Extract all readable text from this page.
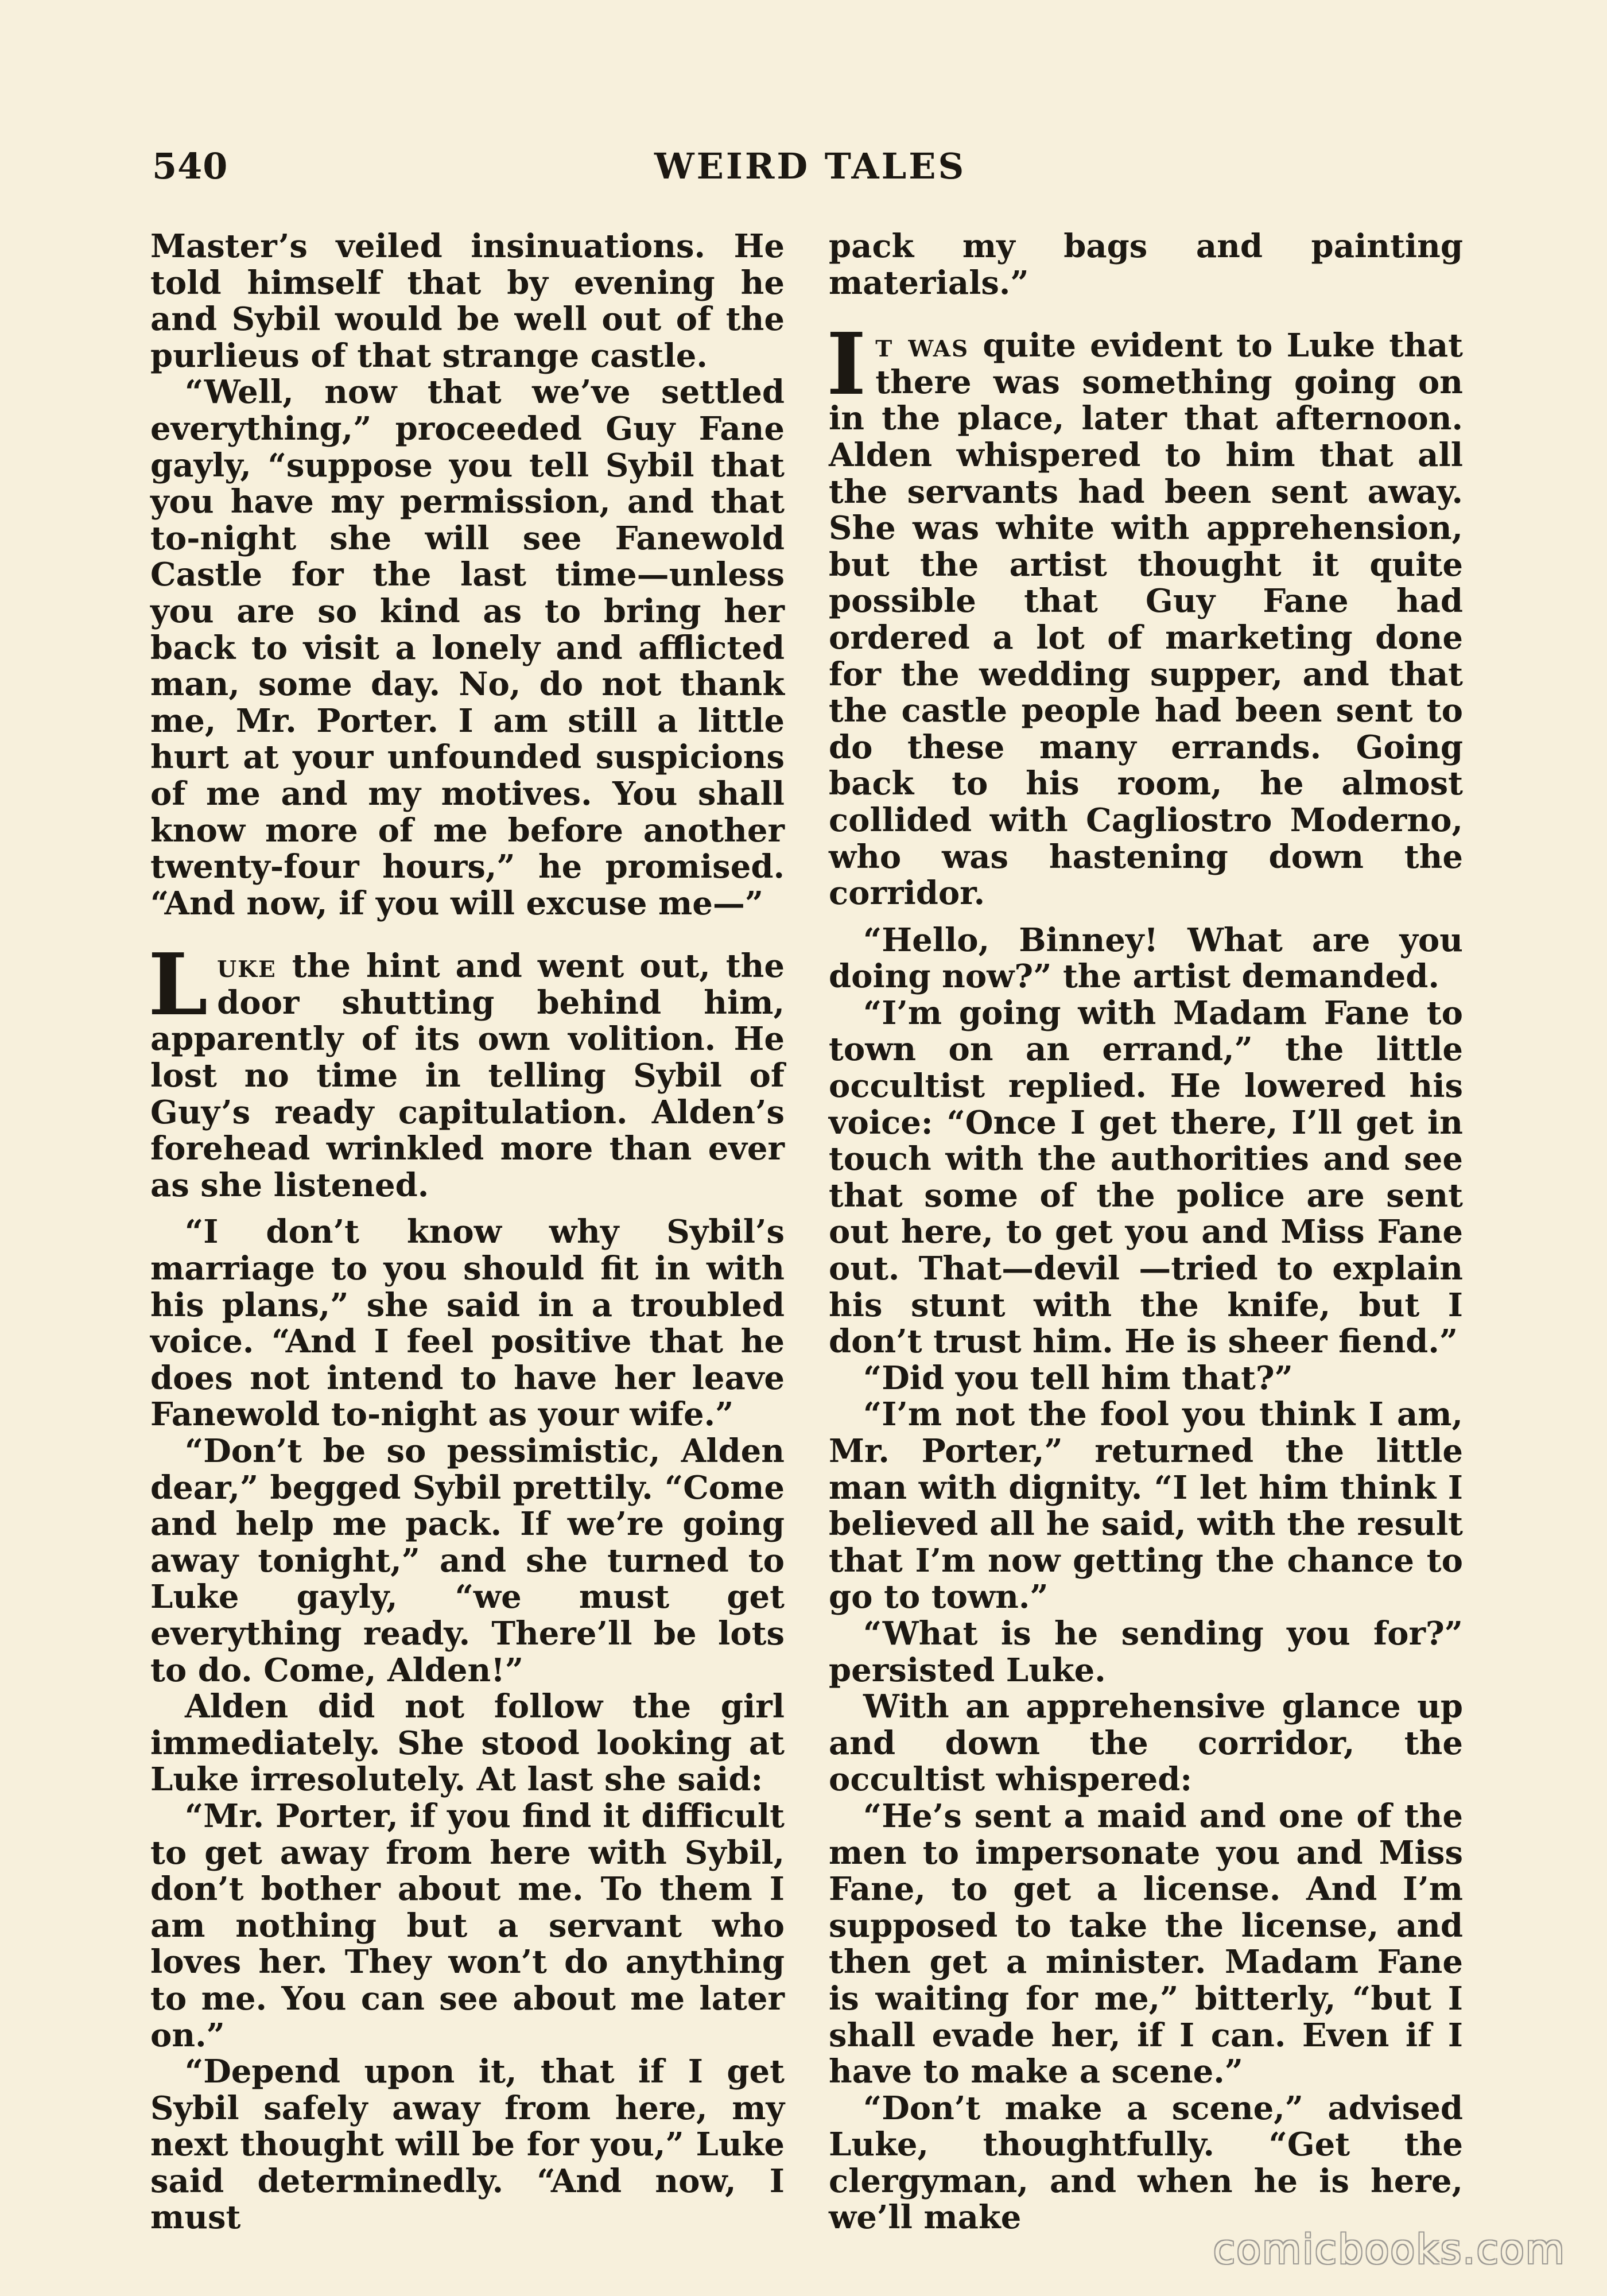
540	WEIRD TALES

Master’s veiled insinuations. He told himself that by evening he and Sybil would be well out of the purlieus of that strange castle.

“Well, now that we’ve settled everything,” proceeded Guy Fane gayly, “suppose you tell Sybil that you have my permission, and that to-night she will see Fanewold Castle for the last time—unless you are so kind as to bring her back to visit a lonely and afflicted man, some day. No, do not thank me, Mr. Porter. I am still a little hurt at your unfounded suspicions of me and my motives. You shall know more of me before another twenty-four hours,” he promised. “And now, if you will excuse me—”

Luke the hint and went out, the door shutting behind him, apparently of its own volition. He lost no time in telling Sybil of Guy’s ready capitulation. Alden’s forehead wrinkled more than ever as she listened.

“I don’t know why Sybil’s marriage to you should fit in with his plans,” she said in a troubled voice. “And I feel positive that he does not intend to have her leave Fanewold to-night as your wife.”

“Don’t be so pessimistic, Alden dear,” begged Sybil prettily. “Come and help me pack. If we’re going away tonight,” and she turned to Luke gayly, “we must get everything ready. There’ll be lots to do. Come, Alden!”

Alden did not follow the girl immediately. She stood looking at Luke irresolutely. At last she said:

“Mr. Porter, if you find it difficult to get away from here with Sybil, don’t bother about me. To them I am nothing but a servant who loves her. They won’t do anything to me. You can see about me later on.”

“Depend upon it, that if I get Sybil safely away from here, my next thought will be for you,” Luke said determinedly. “And now, I must

pack my bags and painting materials.”

It was quite evident to Luke that there was something going on in the place, later that afternoon. Alden whispered to him that all the servants had been sent away. She was white with apprehension, but the artist thought it quite possible that Guy Fane had ordered a lot of marketing done for the wedding supper, and that the castle people had been sent to do these many errands. Going back to his room, he almost collided with Cagliostro Moderno, who was hastening down the corridor.

“Hello, Binney! What are you doing now?” the artist demanded.

“I’m going with Madam Fane to town on an errand,” the little occultist replied. He lowered his voice: “Once I get there, I’ll get in touch with the authorities and see that some of the police are sent out here, to get you and Miss Fane out. That—devil —tried to explain his stunt with the knife, but I don’t trust him. He is sheer fiend.”

“Did you tell him that?”

“I’m not the fool you think I am, Mr. Porter,” returned the little man with dignity. “I let him think I believed all he said, with the result that I’m now getting the chance to go to town.”

“What is he sending you for?” persisted Luke.

With an apprehensive glance up and down the corridor, the occultist whispered:

“He’s sent a maid and one of the men to impersonate you and Miss Fane, to get a license. And I’m supposed to take the license, and then get a minister. Madam Fane is waiting for me,” bitterly, “but I shall evade her, if I can. Even if I have to make a scene.”

“Don’t make a scene,” advised Luke, thoughtfully. “Get the clergyman, and when he is here, we’ll make

comicbooks.com
